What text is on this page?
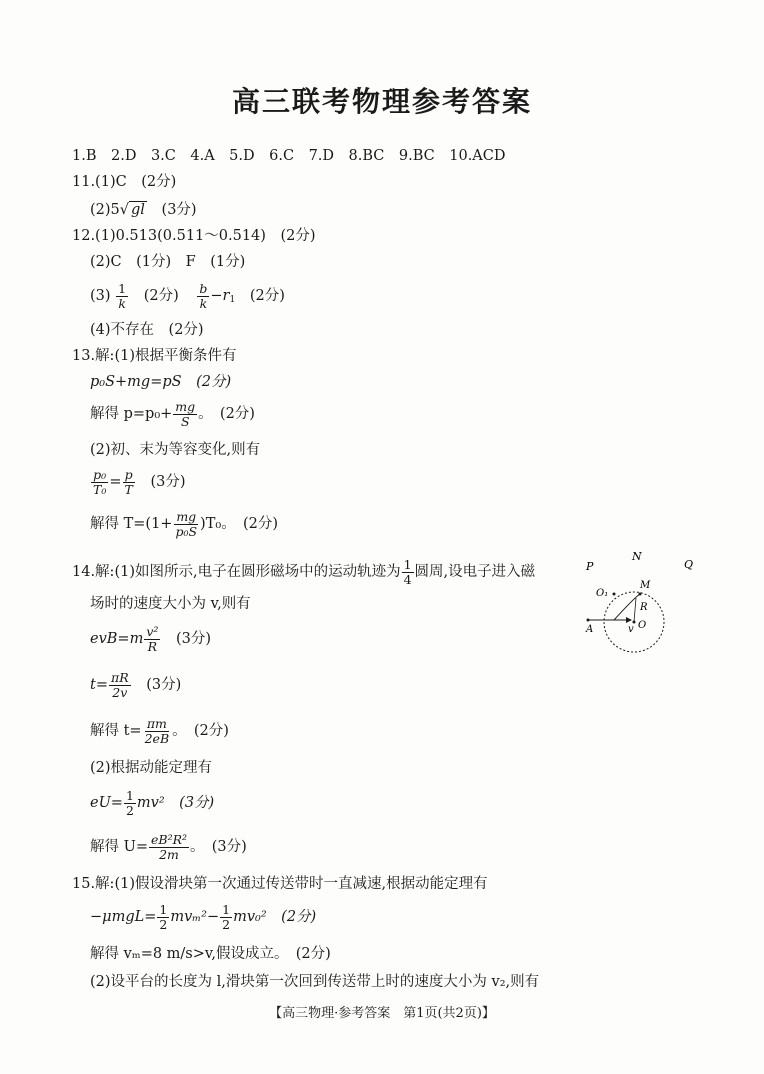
高三联考物理参考答案
1.B　2.D　3.C　4.A　5.D　6.C　7.D　8.BC　9.BC　10.ACD
11.(1)C　(2分)
(2)5√ gl (3分)
12.(1)0.513(0.511～0.514)　(2分)
(2)C　(1分)　F　(1分)
$(3) \frac{1}{k} (2$分) $\frac{b}{k} -r_1$ (2分)
(4)不存在　(2分)
13.解:(1)根据平衡条件有
p₀S+mg=pS　(2分)
解得 $p=p_0+ \frac{mg}{S}$ 。　(2分)
(2)初、末为等容变化,则有
$\frac{\text{p₀}}{\text{T₀}} = \frac{p}{T} (3$分)
解得 $T=(1+ \frac{mg}{\text{p₀S}} )T_0$。　(2分)
14.解:(1)如图所示,电子在圆形磁场中的运动轨迹为 $\frac{1}{4}$ 圆周,设电子进入磁
场时的速度大小为 v,则有
$evB=m \frac{\text{v²}}{R} (3$分)
$t= \frac{\pi R}{2v} (3$分)
解得 $t= \frac{\pi m}{2eB}$ 。　(2分)
(2)根据动能定理有
$eU= \frac{1}{2} mv^2$　(3分)
解得 $U= \frac{\text{eB²R²}}{2m}$ 。　(3分)
15.解:(1)假设滑块第一次通过传送带时一直减速,根据动能定理有
$-\mu mgL= \frac{1}{2} mv_m^2- \frac{1}{2} mv_0^2$　(2分)
解得 vₘ=8 m/s>v,假设成立。　(2分)
(2)设平台的长度为 l,滑块第一次回到传送带上时的速度大小为 v₂,则有
【高三物理·参考答案　第1页(共2页)】
P
N
Q
O₁
M
R
A	v O
